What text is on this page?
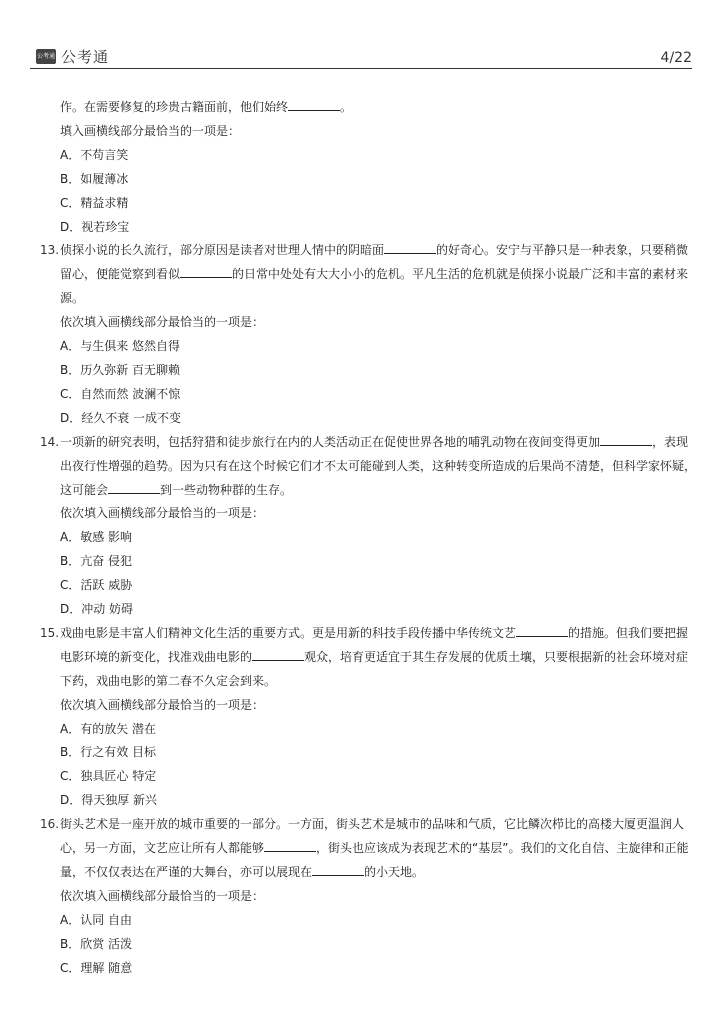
公考通 公考通	4/22
作。在需要修复的珍贵古籍面前，他们始终	。
填入画横线部分最恰当的一项是：
A．不苟言笑
B．如履薄冰
C．精益求精
D．视若珍宝
13. 侦探小说的长久流行，部分原因是读者对世理人情中的阴暗面	的好奇心。安宁与平静只是一种表象，只要稍微
留心，便能觉察到看似	的日常中处处有大大小小的危机。平凡生活的危机就是侦探小说最广泛和丰富的素材来
源。
依次填入画横线部分最恰当的一项是：
A．与生俱来 悠然自得
B．历久弥新 百无聊赖
C．自然而然 波澜不惊
D．经久不衰 一成不变
14. 一项新的研究表明，包括狩猎和徒步旅行在内的人类活动正在促使世界各地的哺乳动物在夜间变得更加	，表现
出夜行性增强的趋势。因为只有在这个时候它们才不太可能碰到人类，这种转变所造成的后果尚不清楚，但科学家怀疑，
这可能会	到一些动物种群的生存。
依次填入画横线部分最恰当的一项是：
A．敏感 影响
B．亢奋 侵犯
C．活跃 威胁
D．冲动 妨碍
15. 戏曲电影是丰富人们精神文化生活的重要方式。更是用新的科技手段传播中华传统文艺	的措施。但我们要把握
电影环境的新变化，找准戏曲电影的	观众，培育更适宜于其生存发展的优质土壤，只要根据新的社会环境对症
下药，戏曲电影的第二春不久定会到来。
依次填入画横线部分最恰当的一项是：
A．有的放矢 潜在
B．行之有效 目标
C．独具匠心 特定
D．得天独厚 新兴
16. 街头艺术是一座开放的城市重要的一部分。一方面，街头艺术是城市的品味和气质，它比鳞次栉比的高楼大厦更温润人
心，另一方面，文艺应让所有人都能够	，街头也应该成为表现艺术的“基层”。我们的文化自信、主旋律和正能
量，不仅仅表达在严谨的大舞台，亦可以展现在	的小天地。
依次填入画横线部分最恰当的一项是：
A．认同 自由
B．欣赏 活泼
C．理解 随意
